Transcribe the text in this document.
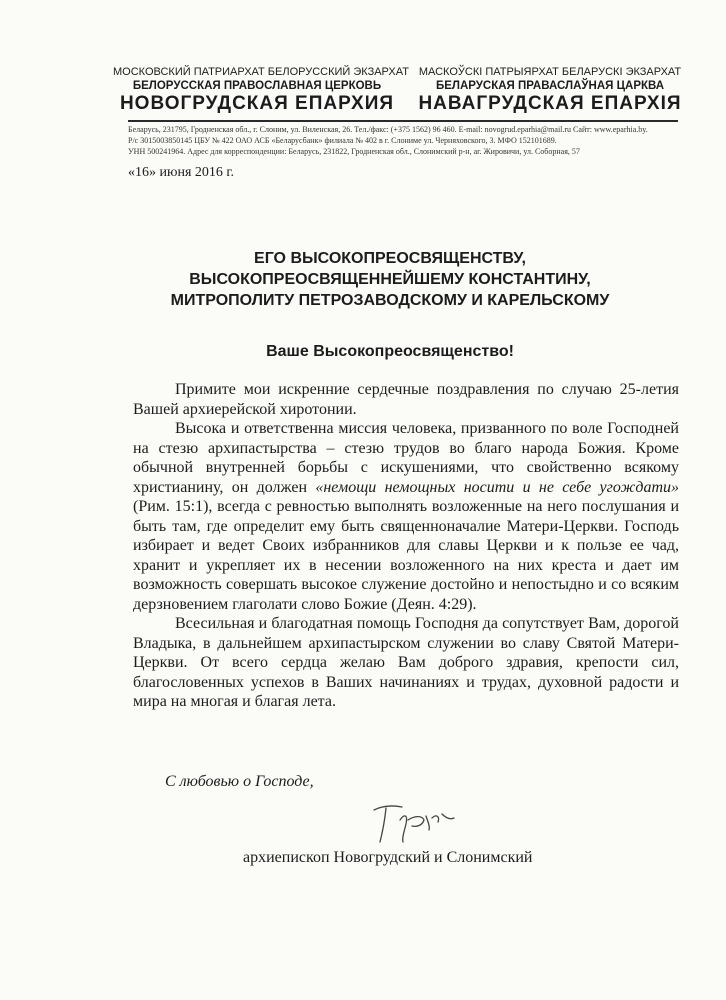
МОСКОВСКИЙ ПАТРИАРХАТ БЕЛОРУССКИЙ ЭКЗАРХАТ
БЕЛОРУССКАЯ ПРАВОСЛАВНАЯ ЦЕРКОВЬ
НОВОГРУДСКАЯ ЕПАРХИЯ
МАСКОЎСКІ ПАТРЫЯРХАТ БЕЛАРУСКІ ЭКЗАРХАТ
БЕЛАРУСКАЯ ПРАВАСЛАЎНАЯ ЦАРКВА
НАВАГРУДСКАЯ ЕПАРХІЯ
Беларусь, 231795, Гродненская обл., г. Слоним, ул. Виленская, 26. Тел./факс: (+375 1562) 96 460. E-mail: novogrud.eparhia@mail.ru Сайт: www.eparhia.by.
Р/с 3015003850145 ЦБУ № 422 ОАО АСБ «Беларусбанк» филиала № 402 в г. Слониме ул. Черняховского, 3. МФО 152101689.
УНН 500241964. Адрес для корреспонденции: Беларусь, 231822, Гродненская обл., Слонимский р-н, аг. Жировичи, ул. Соборная, 57
«16» июня 2016 г.
ЕГО ВЫСОКОПРЕОСВЯЩЕНСТВУ,
ВЫСОКОПРЕОСВЯЩЕННЕЙШЕМУ КОНСТАНТИНУ,
МИТРОПОЛИТУ ПЕТРОЗАВОДСКОМУ И КАРЕЛЬСКОМУ
Ваше Высокопреосвященство!

Примите мои искренние сердечные поздравления по случаю 25-летия Вашей архиерейской хиротонии.

Высока и ответственна миссия человека, призванного по воле Господней на стезю архипастырства – стезю трудов во благо народа Божия. Кроме обычной внутренней борьбы с искушениями, что свойственно всякому христианину, он должен «немощи немощных носити и не себе угождати» (Рим. 15:1), всегда с ревностью выполнять возложенные на него послушания и быть там, где определит ему быть священноначалие Матери-Церкви. Господь избирает и ведет Своих избранников для славы Церкви и к пользе ее чад, хранит и укрепляет их в несении возложенного на них креста и дает им возможность совершать высокое служение достойно и непостыдно и со всяким дерзновением глаголати слово Божие (Деян. 4:29).

Всесильная и благодатная помощь Господня да сопутствует Вам, дорогой Владыка, в дальнейшем архипастырском служении во славу Святой Матери-Церкви. От всего сердца желаю Вам доброго здравия, крепости сил, благословенных успехов в Ваших начинаниях и трудах, духовной радости и мира на многая и благая лета.

С любовью о Господе,
архиепископ Новогрудский и Слонимский
